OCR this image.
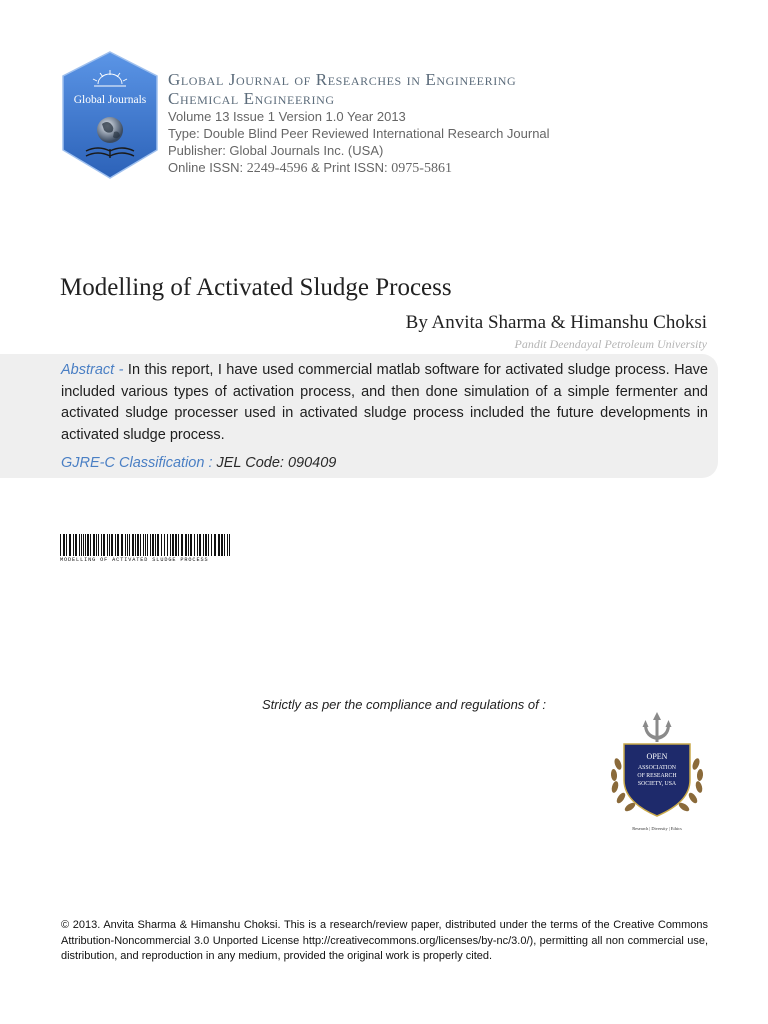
Global Journals
Global Journal of Researches in Engineering
Chemical Engineering
Volume 13 Issue 1 Version 1.0 Year 2013
Type: Double Blind Peer Reviewed International Research Journal
Publisher: Global Journals Inc. (USA)
Online ISSN: 2249-4596 & Print ISSN: 0975-5861
Modelling of Activated Sludge Process
By Anvita Sharma & Himanshu Choksi
Pandit Deendayal Petroleum University

Abstract - In this report, I have used commercial matlab software for activated sludge process. Have included various types of activation process, and then done simulation of a simple fermenter and activated sludge processer used in activated sludge process included the future developments in activated sludge process.

GJRE-C Classification : JEL Code: 090409
MODELLING OF ACTIVATED SLUDGE PROCESS
Strictly as per the compliance and regulations of :
OPEN
ASSOCIATION
OF RESEARCH
SOCIETY, USA
Research | Diversity | Ethics

© 2013. Anvita Sharma & Himanshu Choksi. This is a research/review paper, distributed under the terms of the Creative Commons Attribution-Noncommercial 3.0 Unported License http://creativecommons.org/licenses/by-nc/3.0/), permitting all non commercial use, distribution, and reproduction in any medium, provided the original work is properly cited.
